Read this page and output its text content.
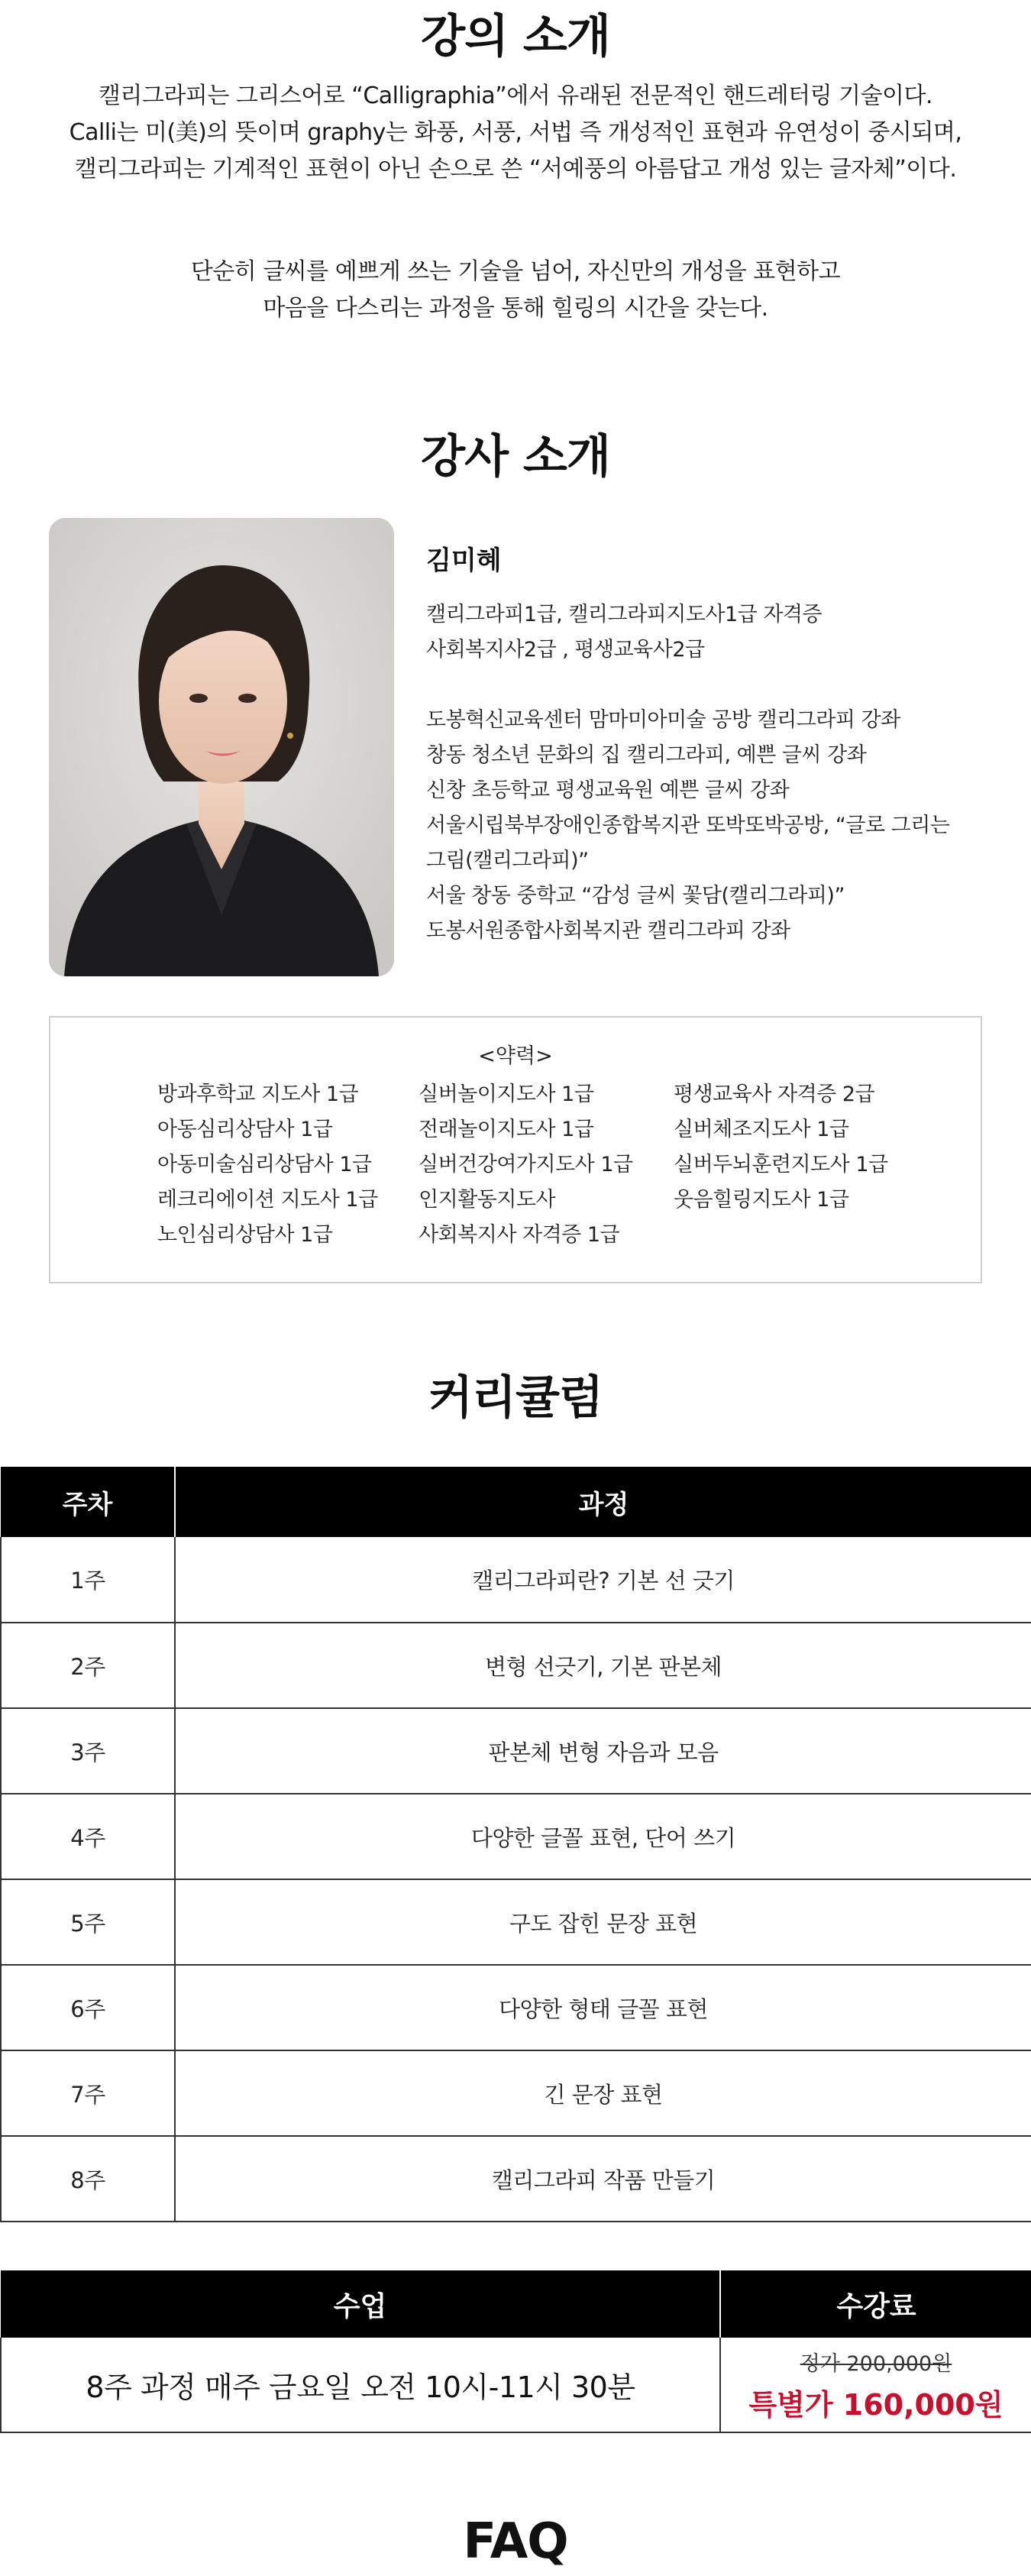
강의 소개
캘리그라피는 그리스어로 “Calligraphia”에서 유래된 전문적인 핸드레터링 기술이다.
Calli는 미(美)의 뜻이며 graphy는 화풍, 서풍, 서법 즉 개성적인 표현과 유연성이 중시되며,
캘리그라피는 기계적인 표현이 아닌 손으로 쓴 “서예풍의 아름답고 개성 있는 글자체”이다.
단순히 글씨를 예쁘게 쓰는 기술을 넘어, 자신만의 개성을 표현하고
마음을 다스리는 과정을 통해 힐링의 시간을 갖는다.
강사 소개
김미혜
캘리그라피1급, 캘리그라피지도사1급 자격증
사회복지사2급 , 평생교육사2급
도봉혁신교육센터 맘마미아미술 공방 캘리그라피 강좌
창동 청소년 문화의 집 캘리그라피, 예쁜 글씨 강좌
신창 초등학교 평생교육원 예쁜 글씨 강좌
서울시립북부장애인종합복지관 또박또박공방, “글로 그리는
그림(캘리그라피)”
서울 창동 중학교 “감성 글씨 꽃담(캘리그라피)”
도봉서원종합사회복지관 캘리그라피 강좌
<약력>
방과후학교 지도사 1급
아동심리상담사 1급
아동미술심리상담사 1급
레크리에이션 지도사 1급
노인심리상담사 1급
실버놀이지도사 1급
전래놀이지도사 1급
실버건강여가지도사 1급
인지활동지도사
사회복지사 자격증 1급
평생교육사 자격증 2급
실버체조지도사 1급
실버두뇌훈련지도사 1급
웃음힐링지도사 1급
커리큘럼
주차	과정
1주	캘리그라피란? 기본 선 긋기
2주	변형 선긋기, 기본 판본체
3주	판본체 변형 자음과 모음
4주	다양한 글꼴 표현, 단어 쓰기
5주	구도 잡힌 문장 표현
6주	다양한 형태 글꼴 표현
7주	긴 문장 표현
8주	캘리그라피 작품 만들기
수업	수강료
8주 과정 매주 금요일 오전 10시-11시 30분	정가 200,000원
특별가 160,000원
FAQ
